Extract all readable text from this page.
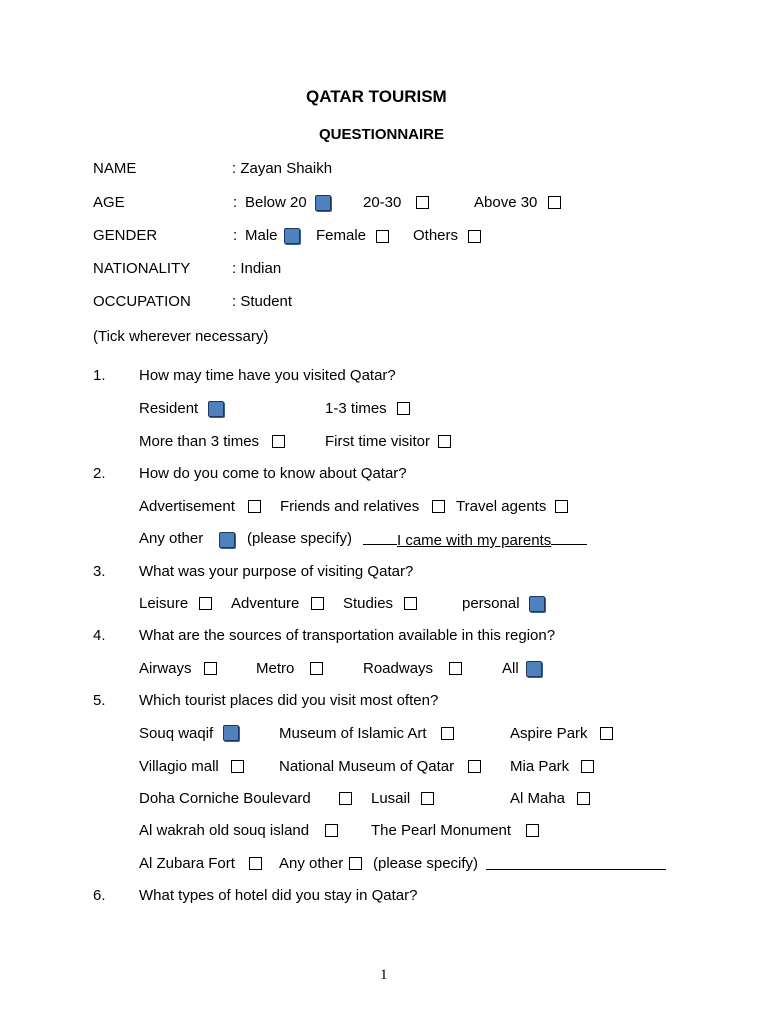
QATAR TOURISM
QUESTIONNAIRE
NAME	: Zayan Shaikh
AGE	: Below 20	20-30	Above 30
GENDER	: Male	Female	Others
NATIONALITY	: Indian
OCCUPATION	: Student
(Tick wherever necessary)
1. How may time have you visited Qatar?
Resident	1-3 times
More than 3 times	First time visitor
2. How do you come to know about Qatar?
Advertisement	Friends and relatives Travel agents
Any other	(please specify)	I came with my parents
3. What was your purpose of visiting Qatar?
Leisure	Adventure	Studies	personal
4. What are the sources of transportation available in this region?
Airways	Metro	Roadways	All
5. Which tourist places did you visit most often?
Souq waqif	Museum of Islamic Art	Aspire Park
Villagio mall	National Museum of Qatar	Mia Park
Doha Corniche Boulevard	Lusail	Al Maha
Al wakrah old souq island	The Pearl Monument
Al Zubara Fort	Any other (please specify)
6. What types of hotel did you stay in Qatar?
1
